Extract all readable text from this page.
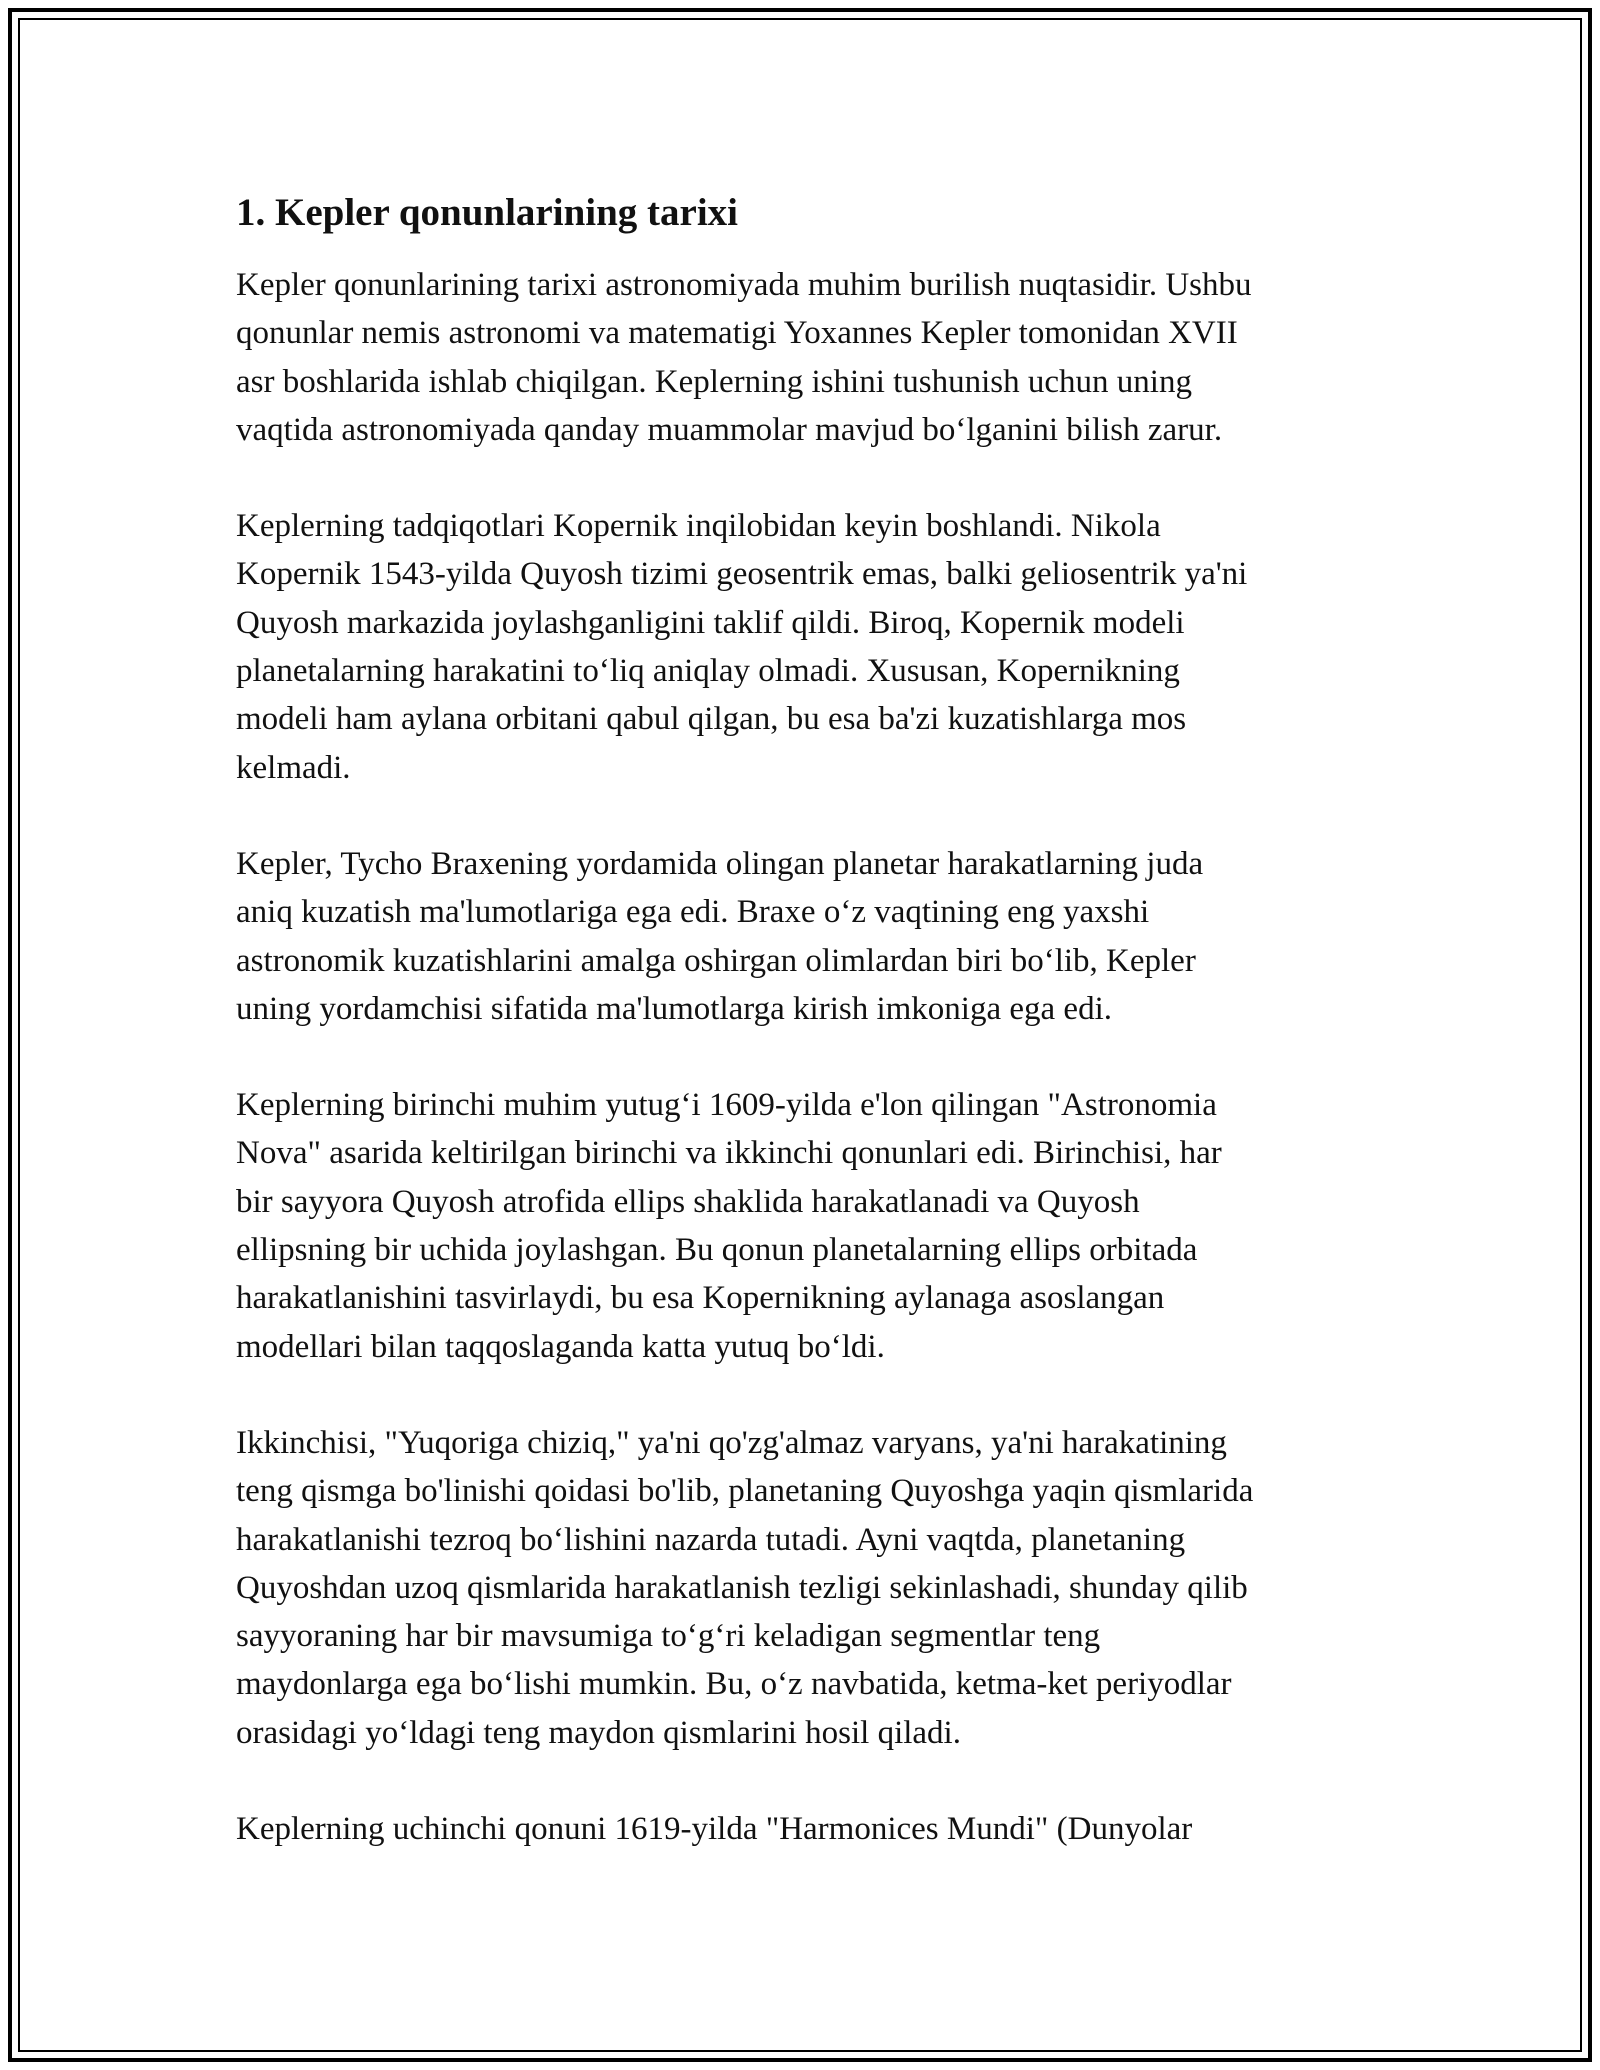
1. Kepler qonunlarining tarixi

Kepler qonunlarining tarixi astronomiyada muhim burilish nuqtasidir. Ushbu
qonunlar nemis astronomi va matematigi Yoxannes Kepler tomonidan XVII
asr boshlarida ishlab chiqilgan. Keplerning ishini tushunish uchun uning
vaqtida astronomiyada qanday muammolar mavjud bo‘lganini bilish zarur.

Keplerning tadqiqotlari Kopernik inqilobidan keyin boshlandi. Nikola
Kopernik 1543-yilda Quyosh tizimi geosentrik emas, balki geliosentrik ya'ni
Quyosh markazida joylashganligini taklif qildi. Biroq, Kopernik modeli
planetalarning harakatini to‘liq aniqlay olmadi. Xususan, Kopernikning
modeli ham aylana orbitani qabul qilgan, bu esa ba'zi kuzatishlarga mos
kelmadi.

Kepler, Tycho Braxening yordamida olingan planetar harakatlarning juda
aniq kuzatish ma'lumotlariga ega edi. Braxe o‘z vaqtining eng yaxshi
astronomik kuzatishlarini amalga oshirgan olimlardan biri bo‘lib, Kepler
uning yordamchisi sifatida ma'lumotlarga kirish imkoniga ega edi.

Keplerning birinchi muhim yutug‘i 1609-yilda e'lon qilingan "Astronomia
Nova" asarida keltirilgan birinchi va ikkinchi qonunlari edi. Birinchisi, har
bir sayyora Quyosh atrofida ellips shaklida harakatlanadi va Quyosh
ellipsning bir uchida joylashgan. Bu qonun planetalarning ellips orbitada
harakatlanishini tasvirlaydi, bu esa Kopernikning aylanaga asoslangan
modellari bilan taqqoslaganda katta yutuq bo‘ldi.

Ikkinchisi, "Yuqoriga chiziq," ya'ni qo'zg'almaz varyans, ya'ni harakatining
teng qismga bo'linishi qoidasi bo'lib, planetaning Quyoshga yaqin qismlarida
harakatlanishi tezroq bo‘lishini nazarda tutadi. Ayni vaqtda, planetaning
Quyoshdan uzoq qismlarida harakatlanish tezligi sekinlashadi, shunday qilib
sayyoraning har bir mavsumiga to‘g‘ri keladigan segmentlar teng
maydonlarga ega bo‘lishi mumkin. Bu, o‘z navbatida, ketma-ket periyodlar
orasidagi yo‘ldagi teng maydon qismlarini hosil qiladi.

Keplerning uchinchi qonuni 1619-yilda "Harmonices Mundi" (Dunyolar
